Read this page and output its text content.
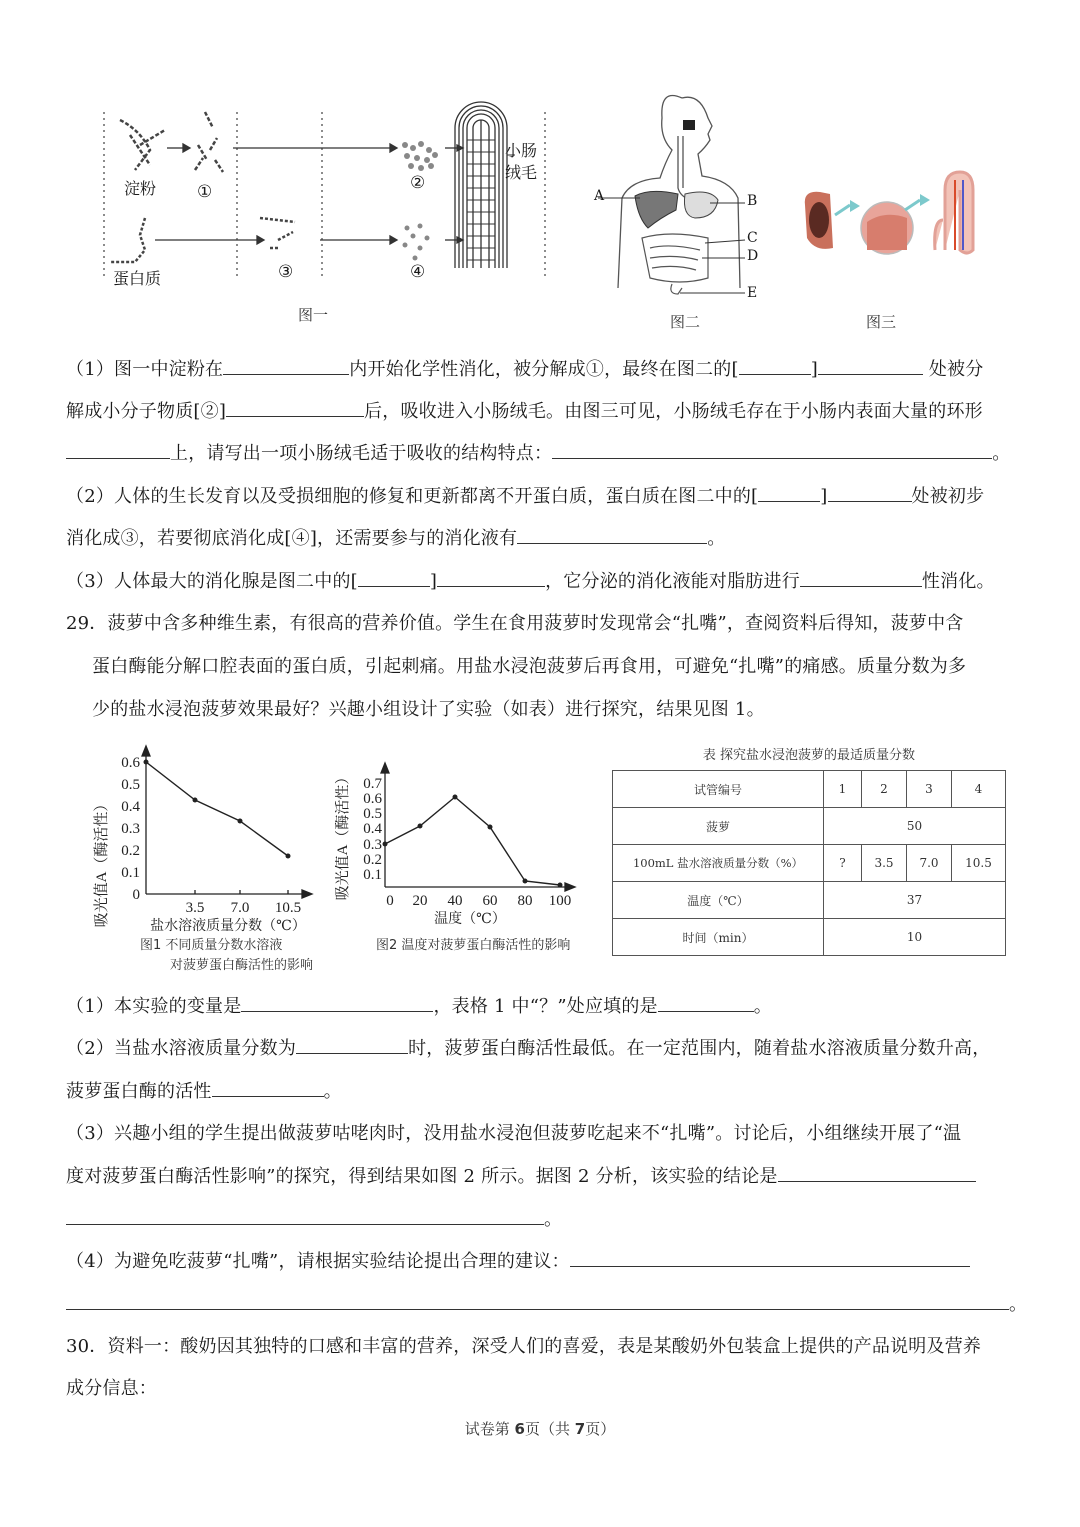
淀粉 ①	②
蛋白质	③	④
小肠
绒毛
图一
A	B
C
D
E
图二	图三
（1）图一中淀粉在	内开始化学性消化，被分解成①，最终在图二的[	]	处被分
解成小分子物质[②]	后，吸收进入小肠绒毛。由图三可见，小肠绒毛存在于小肠内表面大量的环形
上，请写出一项小肠绒毛适于吸收的结构特点：	。
（2）人体的生长发育以及受损细胞的修复和更新都离不开蛋白质，蛋白质在图二中的[	]	处被初步
消化成③，若要彻底消化成[④]，还需要参与的消化液有	。
（3）人体最大的消化腺是图二中的[	]	，它分泌的消化液能对脂肪进行	性消化。
29．菠萝中含多种维生素，有很高的营养价值。学生在食用菠萝时发现常会“扎嘴”，查阅资料后得知，菠萝中含
蛋白酶能分解口腔表面的蛋白质，引起刺痛。用盐水浸泡菠萝后再食用，可避免“扎嘴”的痛感。质量分数为多
少的盐水浸泡菠萝效果最好？兴趣小组设计了实验（如表）进行探究，结果见图 1。
吸光值A（酶活性） 0
0.1
0.2
0.3
0.4
0.5
0.6
3.5 7.0 10.5
盐水溶液质量分数（℃）
图1 不同质量分数水溶液
对菠萝蛋白酶活性的影响
吸光值A（酶活性） 0.1
0.2
0.3
0.4
0.5
0.6
0.7
0 20 40 60 80 100
温度（℃）
图2 温度对菠萝蛋白酶活性的影响
表 探究盐水浸泡菠萝的最适质量分数
试管编号	1	2	3	4
菠萝	50			
100mL 盐水溶液质量分数（%）	?	3.5	7.0	10.5
温度（℃）	37			
时间（min）	10			
（1）本实验的变量是	，表格 1 中“？”处应填的是	。
（2）当盐水溶液质量分数为	时，菠萝蛋白酶活性最低。在一定范围内，随着盐水溶液质量分数升高，
菠萝蛋白酶的活性	。
（3）兴趣小组的学生提出做菠萝咕咾肉时，没用盐水浸泡但菠萝吃起来不“扎嘴”。讨论后，小组继续开展了“温
度对菠萝蛋白酶活性影响”的探究，得到结果如图 2 所示。据图 2 分析，该实验的结论是
。
（4）为避免吃菠萝“扎嘴”，请根据实验结论提出合理的建议：
。
30．资料一：酸奶因其独特的口感和丰富的营养，深受人们的喜爱，表是某酸奶外包装盒上提供的产品说明及营养
成分信息：
试卷第 6页（共 7页）
